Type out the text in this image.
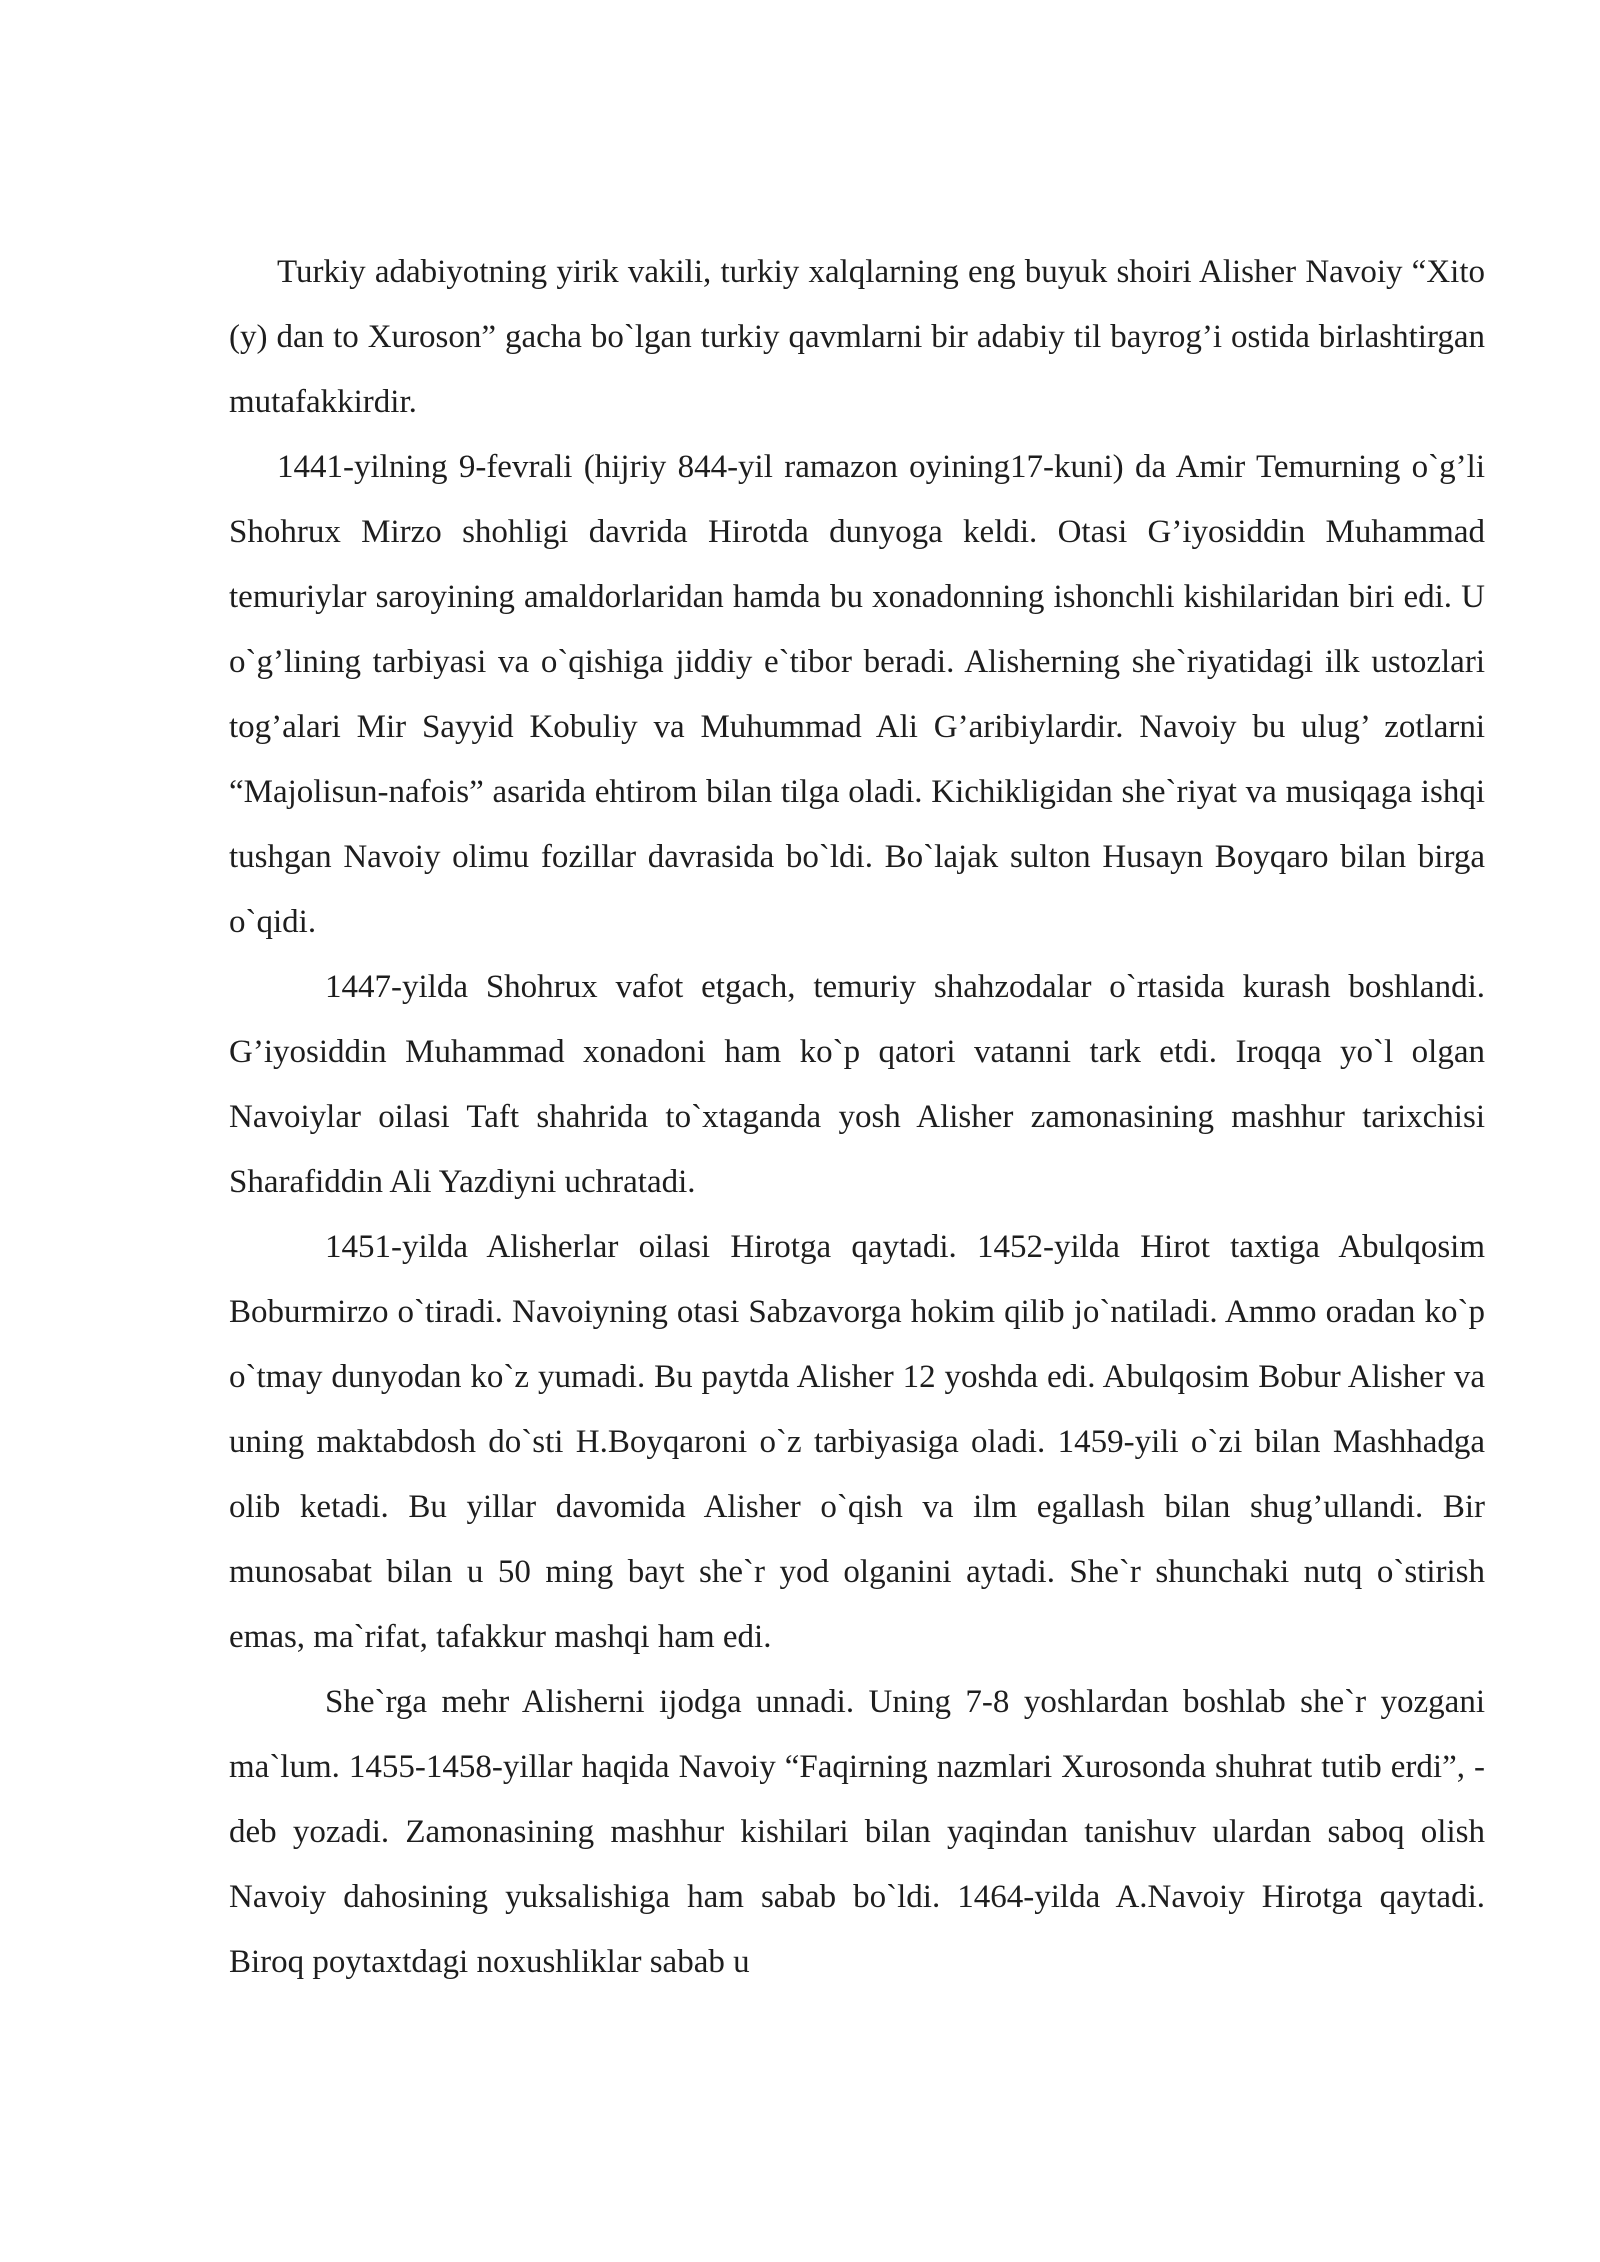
Turkiy adabiyotning yirik vakili, turkiy xalqlarning eng buyuk shoiri Alisher Navoiy “Xito (y) dan to Xuroson” gacha bo`lgan turkiy qavmlarni bir adabiy til bayrog’i ostida birlashtirgan mutafakkirdir.

1441-yilning 9-fevrali (hijriy 844-yil ramazon oyining17-kuni) da Amir Temurning o`g’li Shohrux Mirzo shohligi davrida Hirotda dunyoga keldi. Otasi G’iyosiddin Muhammad temuriylar saroyining amaldorlaridan hamda bu xonadonning ishonchli kishilaridan biri edi. U o`g’lining tarbiyasi va o`qishiga jiddiy e`tibor beradi. Alisherning she`riyatidagi ilk ustozlari tog’alari Mir Sayyid Kobuliy va Muhummad Ali G’aribiylardir. Navoiy bu ulug’ zotlarni “Majolisun-nafois” asarida ehtirom bilan tilga oladi. Kichikligidan she`riyat va musiqaga ishqi tushgan Navoiy olimu fozillar davrasida bo`ldi. Bo`lajak sulton Husayn Boyqaro bilan birga o`qidi.

1447-yilda Shohrux vafot etgach, temuriy shahzodalar o`rtasida kurash boshlandi. G’iyosiddin Muhammad xonadoni ham ko`p qatori vatanni tark etdi. Iroqqa yo`l olgan Navoiylar oilasi Taft shahrida to`xtaganda yosh Alisher zamonasining mashhur tarixchisi Sharafiddin Ali Yazdiyni uchratadi.

1451-yilda Alisherlar oilasi Hirotga qaytadi. 1452-yilda Hirot taxtiga Abulqosim Boburmirzo o`tiradi. Navoiyning otasi Sabzavorga hokim qilib jo`natiladi. Ammo oradan ko`p o`tmay dunyodan ko`z yumadi. Bu paytda Alisher 12 yoshda edi. Abulqosim Bobur Alisher va uning maktabdosh do`sti H.Boyqaroni o`z tarbiyasiga oladi. 1459-yili o`zi bilan Mashhadga olib ketadi. Bu yillar davomida Alisher o`qish va ilm egallash bilan shug’ullandi. Bir munosabat bilan u 50 ming bayt she`r yod olganini aytadi. She`r shunchaki nutq o`stirish emas, ma`rifat, tafakkur mashqi ham edi.

She`rga mehr Alisherni ijodga unnadi. Uning 7-8 yoshlardan boshlab she`r yozgani ma`lum. 1455-1458-yillar haqida Navoiy “Faqirning nazmlari Xurosonda shuhrat tutib erdi”, - deb yozadi. Zamonasining mashhur kishilari bilan yaqindan tanishuv ulardan saboq olish Navoiy dahosining yuksalishiga ham sabab bo`ldi. 1464-yilda A.Navoiy Hirotga qaytadi. Biroq poytaxtdagi noxushliklar sabab u
